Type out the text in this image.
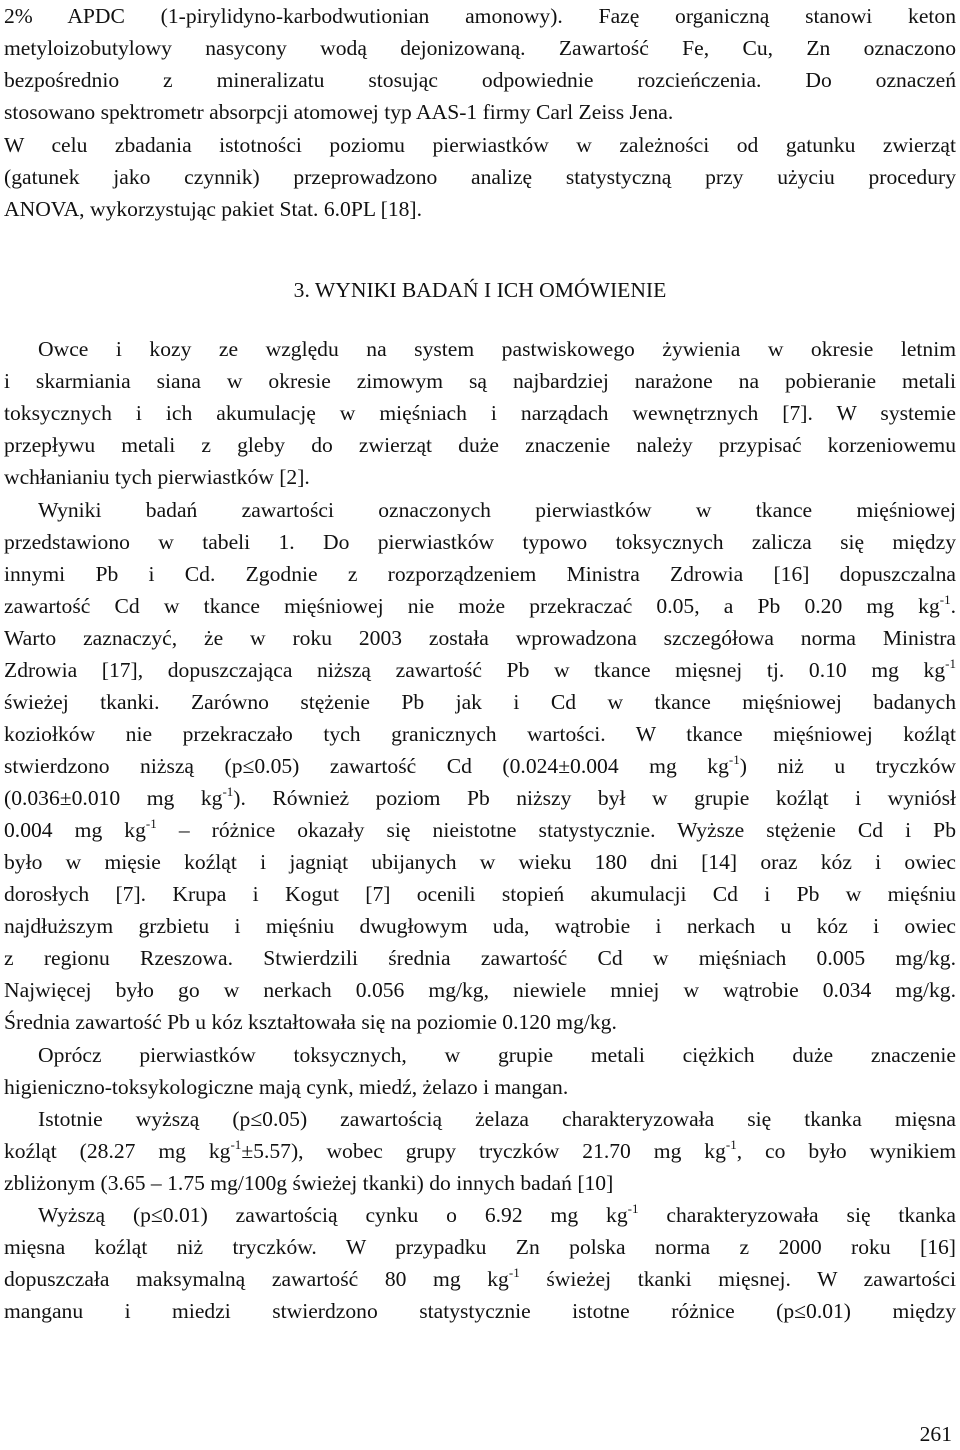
2% APDC (1-pirylidyno-karbodwutionian amonowy). Fazę organiczną stanowi keton
metyloizobutylowy nasycony wodą dejonizowaną. Zawartość Fe, Cu, Zn oznaczono
bezpośrednio z mineralizatu stosując odpowiednie rozcieńczenia. Do oznaczeń
stosowano spektrometr absorpcji atomowej typ AAS-1 firmy Carl Zeiss Jena.
W celu zbadania istotności poziomu pierwiastków w zależności od gatunku zwierząt
(gatunek jako czynnik) przeprowadzono analizę statystyczną przy użyciu procedury
ANOVA, wykorzystując pakiet Stat. 6.0PL [18].
3. WYNIKI BADAŃ I ICH OMÓWIENIE
Owce i kozy ze względu na system pastwiskowego żywienia w okresie letnim
i skarmiania siana w okresie zimowym są najbardziej narażone na pobieranie metali
toksycznych i ich akumulację w mięśniach i narządach wewnętrznych [7]. W systemie
przepływu metali z gleby do zwierząt duże znaczenie należy przypisać korzeniowemu
wchłanianiu tych pierwiastków [2].
Wyniki badań zawartości oznaczonych pierwiastków w tkance mięśniowej
przedstawiono w tabeli 1. Do pierwiastków typowo toksycznych zalicza się między
innymi Pb i Cd. Zgodnie z rozporządzeniem Ministra Zdrowia [16] dopuszczalna
zawartość Cd w tkance mięśniowej nie może przekraczać 0.05, a Pb 0.20 mg $kg^{-1}$.
Warto zaznaczyć, że w roku 2003 została wprowadzona szczegółowa norma Ministra
Zdrowia [17], dopuszczająca niższą zawartość Pb w tkance mięsnej tj. 0.10 mg $kg^{-1}$
świeżej tkanki. Zarówno stężenie Pb jak i Cd w tkance mięśniowej badanych
koziołków nie przekraczało tych granicznych wartości. W tkance mięśniowej koźląt
stwierdzono niższą (p≤0.05) zawartość Cd (0.024±0.004 mg $kg^{-1}$) niż u tryczków
(0.036±0.010 mg $kg^{-1}$). Również poziom Pb niższy był w grupie koźląt i wyniósł
0.004 mg $kg^{-1}$ – różnice okazały się nieistotne statystycznie. Wyższe stężenie Cd i Pb
było w mięsie koźląt i jagniąt ubijanych w wieku 180 dni [14] oraz kóz i owiec
dorosłych [7]. Krupa i Kogut [7] ocenili stopień akumulacji Cd i Pb w mięśniu
najdłuższym grzbietu i mięśniu dwugłowym uda, wątrobie i nerkach u kóz i owiec
z regionu Rzeszowa. Stwierdzili średnia zawartość Cd w mięśniach 0.005 mg/kg.
Najwięcej było go w nerkach 0.056 mg/kg, niewiele mniej w wątrobie 0.034 mg/kg.
Średnia zawartość Pb u kóz kształtowała się na poziomie 0.120 mg/kg.
Oprócz pierwiastków toksycznych, w grupie metali ciężkich duże znaczenie
higieniczno-toksykologiczne mają cynk, miedź, żelazo i mangan.
Istotnie wyższą (p≤0.05) zawartością żelaza charakteryzowała się tkanka mięsna
koźląt (28.27 mg $kg^{-1}\pm 5.57$), wobec grupy tryczków 21.70 mg $kg^{-1}$, co było wynikiem
zbliżonym (3.65 – 1.75 mg/100g świeżej tkanki) do innych badań [10]
Wyższą (p≤0.01) zawartością cynku o 6.92 mg $kg^{-1}$ charakteryzowała się tkanka
mięsna koźląt niż tryczków. W przypadku Zn polska norma z 2000 roku [16]
dopuszczała maksymalną zawartość 80 mg $kg^{-1}$ świeżej tkanki mięsnej. W zawartości
manganu i miedzi stwierdzono statystycznie istotne różnice (p≤0.01) między
261
